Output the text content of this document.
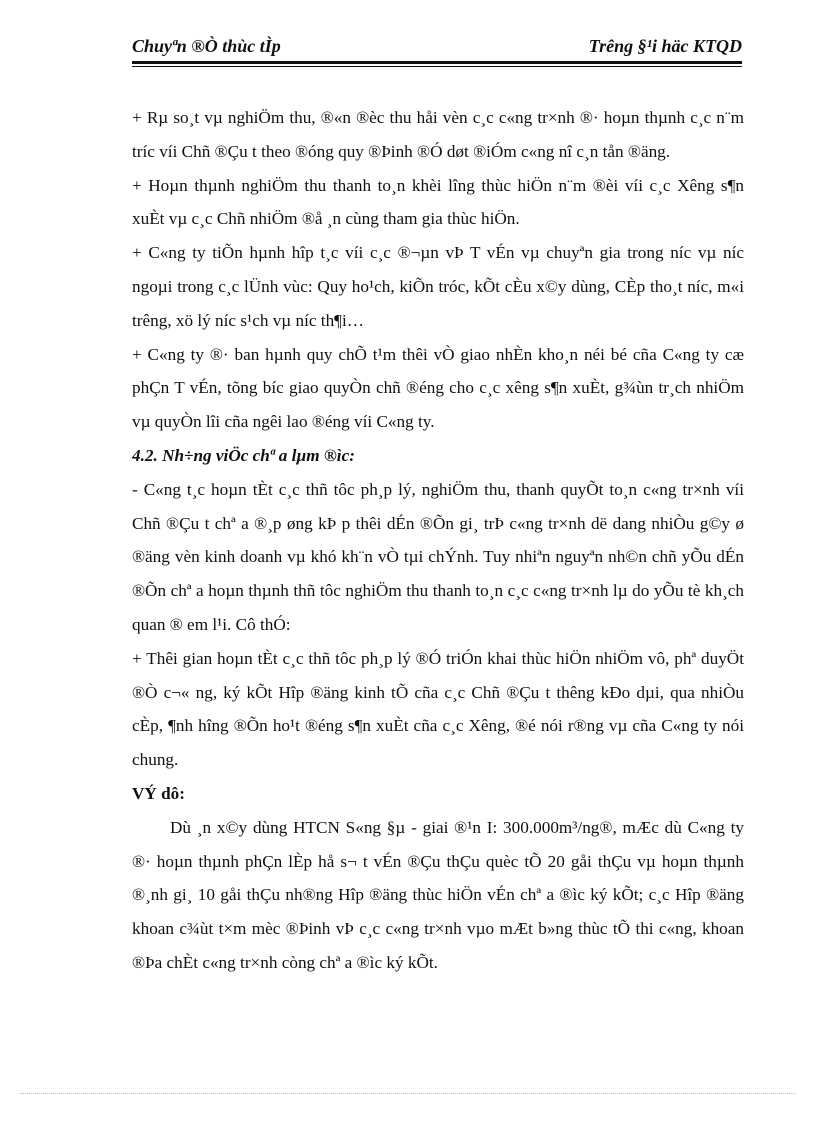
Chuyªn ®Ò thùc tÌp	Trêng §¹i häc KTQD

+ Rµ so¸t vµ nghiÖm thu, ®«n ®èc thu håi vèn c¸c c«ng tr×nh ®· hoµn thµnh c¸c n¨m tríc víi Chñ ®Çu t theo ®óng quy ®Þinh ®Ó døt ®iÓm c«ng nî c¸n tån ®äng.

+ Hoµn thµnh nghiÖm thu thanh to¸n khèi lîng thùc hiÖn n¨m ®èi víi c¸c Xêng s¶n xuÈt vµ c¸c Chñ nhiÖm ®å ¸n cùng tham gia thùc hiÖn.

+ C«ng ty tiÕn hµnh hîp t¸c víi c¸c ®¬µn vÞ T vÉn vµ chuyªn gia trong níc vµ níc ngoµi trong c¸c lÜnh vùc: Quy ho¹ch, kiÕn tróc, kÕt cÈu x©y dùng, CÈp tho¸t níc, m«i trêng, xö lý níc s¹ch vµ níc th¶i…

+ C«ng ty ®· ban hµnh quy chÕ t¹m thêi vÒ giao nhÈn kho¸n néi bé cña C«ng ty cæ phÇn T vÉn, tõng bíc giao quyÒn chñ ®éng cho c¸c xêng s¶n xuÈt, g¾ùn tr¸ch nhiÖm vµ quyÒn lîi cña ngêi lao ®éng víi C«ng ty.

4.2. Nh÷ng viÖc chª a lµm ®ìc:

- C«ng t¸c hoµn tÈt c¸c thñ tôc ph¸p lý, nghiÖm thu, thanh quyÕt to¸n c«ng tr×nh víi Chñ ®Çu t chª a ®¸p øng kÞ p thêi dÉn ®Õn gi¸ trÞ c«ng tr×nh dë dang nhiÒu g©y ø ®äng vèn kinh doanh vµ khó kh¨n vÒ tµi chÝnh. Tuy nhiªn nguyªn nh©n chñ yÕu dÉn ®Õn chª a hoµn thµnh thñ tôc nghiÖm thu thanh to¸n c¸c c«ng tr×nh lµ do yÕu tè kh¸ch quan ® em l¹i. Cô thÓ:

+ Thêi gian hoµn tÈt c¸c thñ tôc ph¸p lý ®Ó triÓn khai thùc hiÖn nhiÖm vô, phª duyÖt ®Ò c¬« ng, ký kÕt Hîp ®äng kinh tÕ cña c¸c Chñ ®Çu t thêng kÐo dµi, qua nhiÒu cÈp, ¶nh hîng ®Õn ho¹t ®éng s¶n xuÈt cña c¸c Xêng, ®é nói r®ng vµ cña C«ng ty nói chung.

VÝ dô:

Dù ¸n x©y dùng HTCN S«ng §µ - giai ®¹n I: 300.000m³/ng®, mÆc dù C«ng ty ®· hoµn thµnh phÇn lÈp hå s¬ t vÉn ®Çu thÇu quèc tÕ 20 gåi thÇu vµ hoµn thµnh ®¸nh gi¸ 10 gåi thÇu nh®ng Hîp ®äng thùc hiÖn vÉn chª a ®ìc ký kÕt; c¸c Hîp ®äng khoan c¾ùt t×m mèc ®Þinh vÞ c¸c c«ng tr×nh vµo mÆt b»ng thùc tÕ thi c«ng, khoan ®Þa chÈt c«ng tr×nh còng chª a ®ìc ký kÕt.
